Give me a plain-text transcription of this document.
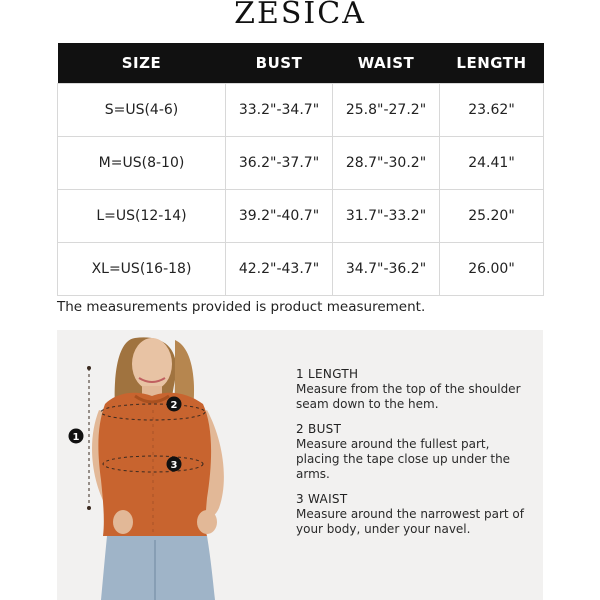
ZESICA
SIZE	BUST	WAIST	LENGTH
S=US(4-6)	33.2"-34.7"	25.8"-27.2"	23.62"
M=US(8-10)	36.2"-37.7"	28.7"-30.2"	24.41"
L=US(12-14)	39.2"-40.7"	31.7"-33.2"	25.20"
XL=US(16-18)	42.2"-43.7"	34.7"-36.2"	26.00"
The measurements provided is product measurement.
1
2
3
1 LENGTH
Measure from the top of the shoulder seam down to the hem.
2 BUST
Measure around the fullest part, placing the tape close up under the arms.
3 WAIST
Measure around the narrowest part of your body, under your navel.
